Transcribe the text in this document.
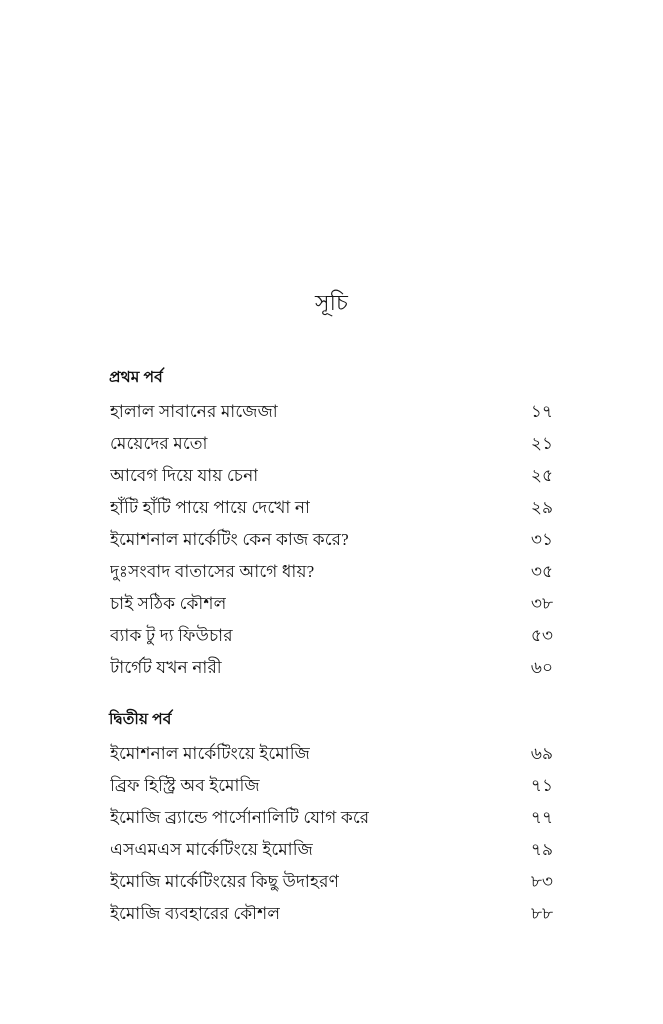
সূচি
প্রথম পর্ব
হালাল সাবানের মাজেজা	১৭
মেয়েদের মতো	২১
আবেগ দিয়ে যায় চেনা	২৫
হাঁটি হাঁটি পায়ে পায়ে দেখো না	২৯
ইমোশনাল মার্কেটিং কেন কাজ করে?	৩১
দুঃসংবাদ বাতাসের আগে ধায়?	৩৫
চাই সঠিক কৌশল	৩৮
ব্যাক টু দ্য ফিউচার	৫৩
টার্গেট যখন নারী	৬০
দ্বিতীয় পর্ব
ইমোশনাল মার্কেটিংয়ে ইমোজি	৬৯
ব্রিফ হিস্ট্রি অব ইমোজি	৭১
ইমোজি ব্র্যান্ডে পার্সোনালিটি যোগ করে	৭৭
এসএমএস মার্কেটিংয়ে ইমোজি	৭৯
ইমোজি মার্কেটিংয়ের কিছু উদাহরণ	৮৩
ইমোজি ব্যবহারের কৌশল	৮৮
